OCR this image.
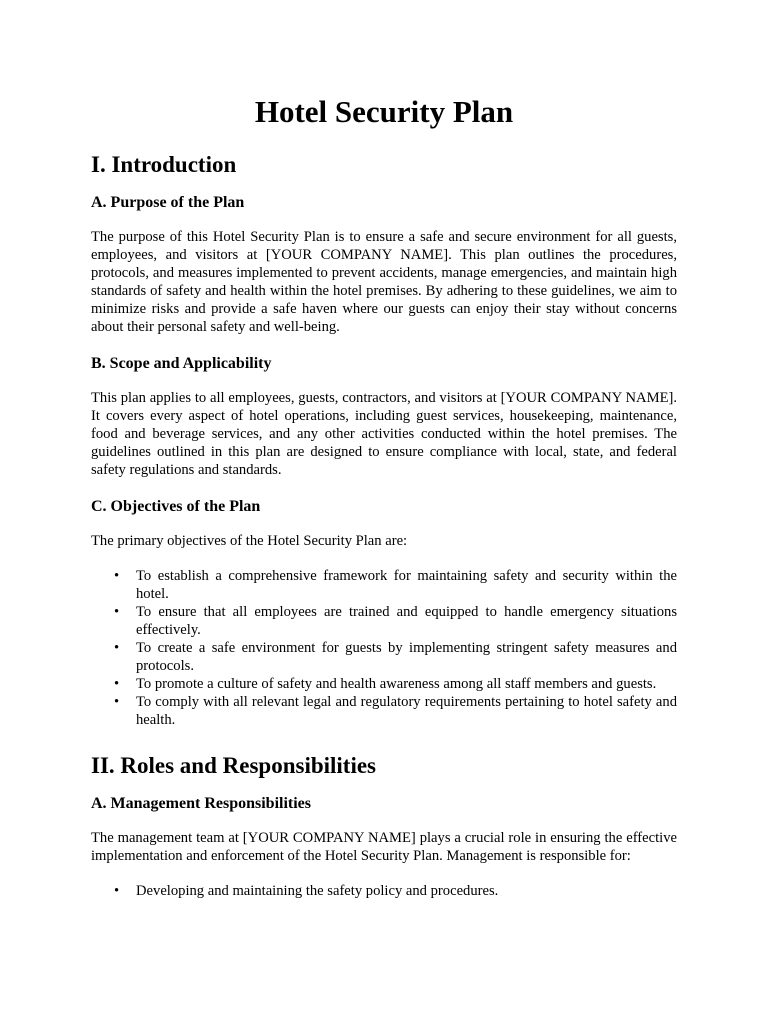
Hotel Security Plan
I. Introduction
A. Purpose of the Plan

The purpose of this Hotel Security Plan is to ensure a safe and secure environment for all guests, employees, and visitors at [YOUR COMPANY NAME]. This plan outlines the procedures, protocols, and measures implemented to prevent accidents, manage emergencies, and maintain high standards of safety and health within the hotel premises. By adhering to these guidelines, we aim to minimize risks and provide a safe haven where our guests can enjoy their stay without concerns about their personal safety and well-being.

B. Scope and Applicability

This plan applies to all employees, guests, contractors, and visitors at [YOUR COMPANY NAME]. It covers every aspect of hotel operations, including guest services, housekeeping, maintenance, food and beverage services, and any other activities conducted within the hotel premises. The guidelines outlined in this plan are designed to ensure compliance with local, state, and federal safety regulations and standards.

C. Objectives of the Plan

The primary objectives of the Hotel Security Plan are:

• To establish a comprehensive framework for maintaining safety and security within the hotel.
• To ensure that all employees are trained and equipped to handle emergency situations effectively.
• To create a safe environment for guests by implementing stringent safety measures and protocols.
• To promote a culture of safety and health awareness among all staff members and guests.
• To comply with all relevant legal and regulatory requirements pertaining to hotel safety and health.
II. Roles and Responsibilities
A. Management Responsibilities

The management team at [YOUR COMPANY NAME] plays a crucial role in ensuring the effective implementation and enforcement of the Hotel Security Plan. Management is responsible for:

• Developing and maintaining the safety policy and procedures.
